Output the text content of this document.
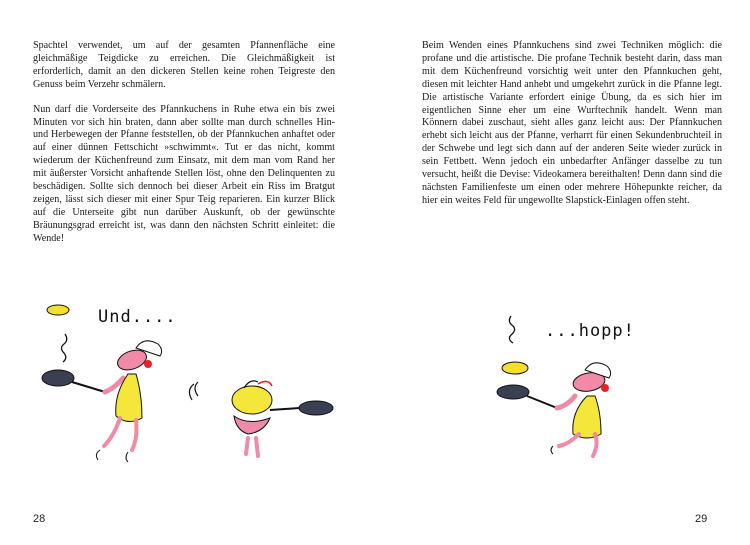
Spachtel verwendet, um auf der gesamten Pfannenfläche eine gleichmäßige Teigdicke zu erreichen. Die Gleichmäßigkeit ist erforderlich, damit an den dickeren Stellen keine rohen Teigreste den Genuss beim Verzehr schmälern.

Nun darf die Vorderseite des Pfannkuchens in Ruhe etwa ein bis zwei Minuten vor sich hin braten, dann aber sollte man durch schnelles Hin- und Herbewegen der Pfanne feststellen, ob der Pfannkuchen anhaftet oder auf einer dünnen Fettschicht »schwimmt«. Tut er das nicht, kommt wiederum der Küchenfreund zum Einsatz, mit dem man vom Rand her mit äußerster Vorsicht anhaftende Stellen löst, ohne den Delinquenten zu beschädigen. Sollte sich dennoch bei dieser Arbeit ein Riss im Bratgut zeigen, lässt sich dieser mit einer Spur Teig reparieren. Ein kurzer Blick auf die Unterseite gibt nun darüber Auskunft, ob der gewünschte Bräunungsgrad erreicht ist, was dann den nächsten Schritt einleitet: die Wende!

Und....
28

Beim Wenden eines Pfannkuchens sind zwei Techniken möglich: die profane und die artistische. Die profane Technik besteht darin, dass man mit dem Küchenfreund vorsichtig weit unter den Pfannkuchen geht, diesen mit leichter Hand anhebt und umgekehrt zurück in die Pfanne legt. Die artistische Variante erfordert einige Übung, da es sich hier im eigentlichen Sinne eher um eine Wurftechnik handelt. Wenn man Könnern dabei zuschaut, sieht alles ganz leicht aus: Der Pfannkuchen erhebt sich leicht aus der Pfanne, verharrt für einen Sekundenbruchteil in der Schwebe und legt sich dann auf der anderen Seite wieder zurück in sein Fettbett. Wenn jedoch ein unbedarfter Anfänger dasselbe zu tun versucht, heißt die Devise: Videokamera bereithalten! Denn dann sind die nächsten Familienfeste um einen oder mehrere Höhepunkte reicher, da hier ein weites Feld für ungewollte Slapstick-Einlagen offen steht.

...hopp!
29
